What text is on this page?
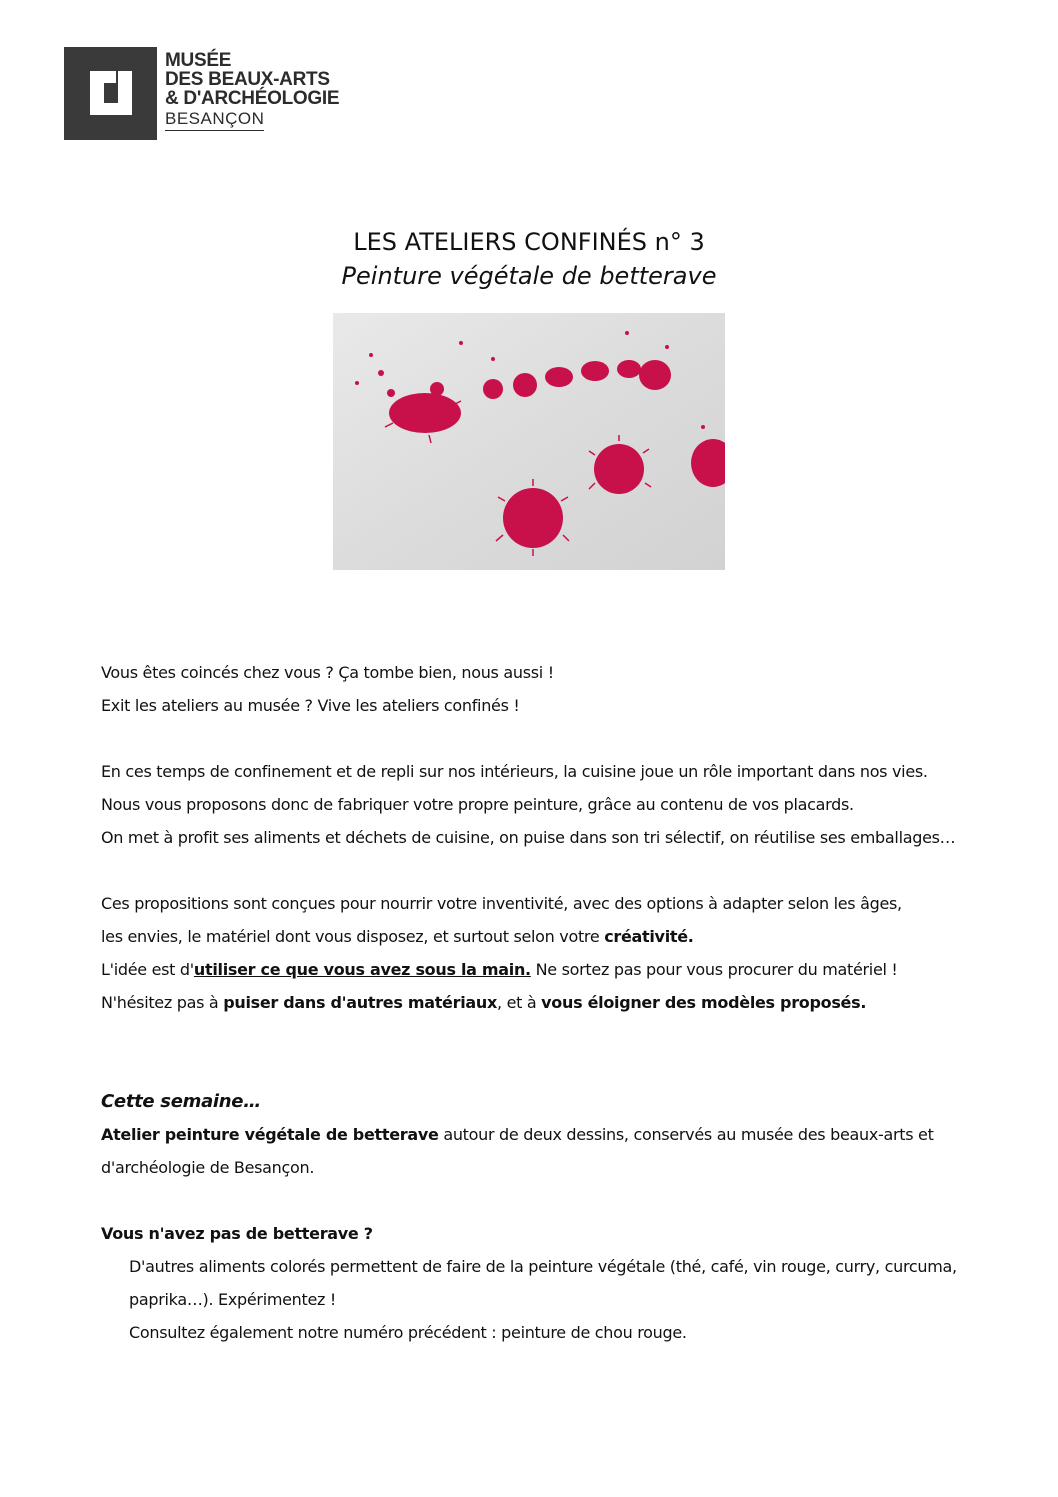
MUSÉE
DES BEAUX-ARTS
& D'ARCHÉOLOGIE
BESANÇON
LES ATELIERS CONFINÉS n° 3
Peinture végétale de betterave

Vous êtes coincés chez vous ? Ça tombe bien, nous aussi !

Exit les ateliers au musée ? Vive les ateliers confinés !

En ces temps de confinement et de repli sur nos intérieurs, la cuisine joue un rôle important dans nos vies.

Nous vous proposons donc de fabriquer votre propre peinture, grâce au contenu de vos placards.

On met à profit ses aliments et déchets de cuisine, on puise dans son tri sélectif, on réutilise ses emballages…

Ces propositions sont conçues pour nourrir votre inventivité, avec des options à adapter selon les âges,

les envies, le matériel dont vous disposez, et surtout selon votre créativité.

L'idée est d'utiliser ce que vous avez sous la main. Ne sortez pas pour vous procurer du matériel !

N'hésitez pas à puiser dans d'autres matériaux, et à vous éloigner des modèles proposés.

Cette semaine…

Atelier peinture végétale de betterave autour de deux dessins, conservés au musée des beaux-arts et

d'archéologie de Besançon.

Vous n'avez pas de betterave ?

D'autres aliments colorés permettent de faire de la peinture végétale (thé, café, vin rouge, curry, curcuma,

paprika…). Expérimentez !

Consultez également notre numéro précédent : peinture de chou rouge.
